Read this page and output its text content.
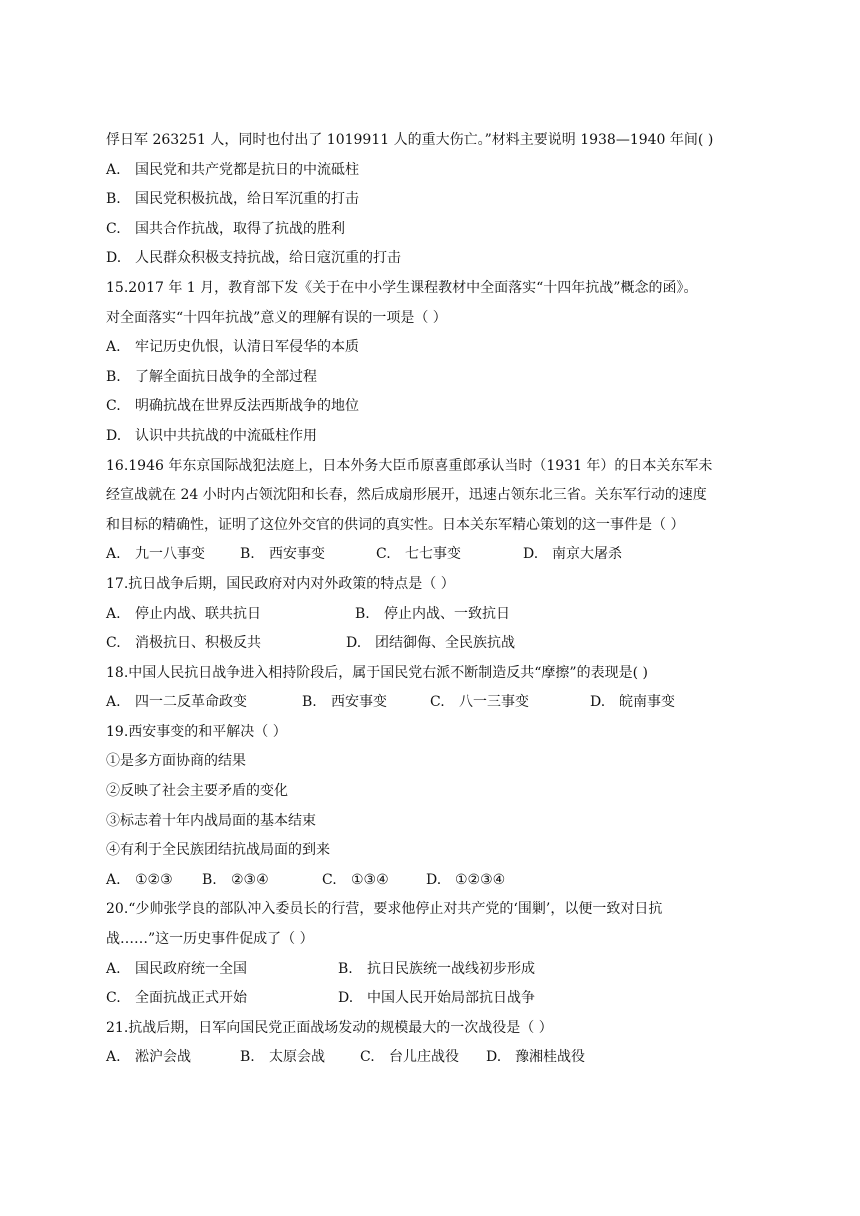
俘日军 263251 人，同时也付出了 1019911 人的重大伤亡。”材料主要说明 1938—1940 年间( )
A. 国民党和共产党都是抗日的中流砥柱
B. 国民党积极抗战，给日军沉重的打击
C. 国共合作抗战，取得了抗战的胜利
D. 人民群众积极支持抗战，给日寇沉重的打击
15.2017 年 1 月，教育部下发《关于在中小学生课程教材中全面落实“十四年抗战”概念的函》。
对全面落实“十四年抗战”意义的理解有误的一项是（ ）
A. 牢记历史仇恨，认清日军侵华的本质
B. 了解全面抗日战争的全部过程
C. 明确抗战在世界反法西斯战争的地位
D. 认识中共抗战的中流砥柱作用
16.1946 年东京国际战犯法庭上，日本外务大臣币原喜重郎承认当时（1931 年）的日本关东军未
经宣战就在 24 小时内占领沈阳和长春，然后成扇形展开，迅速占领东北三省。关东军行动的速度
和目标的精确性，证明了这位外交官的供词的真实性。日本关东军精心策划的这一事件是（ ）
A. 九一八事变	B. 西安事变	C. 七七事变	D. 南京大屠杀
17.抗日战争后期，国民政府对内对外政策的特点是（ ）
A. 停止内战、联共抗日	B. 停止内战、一致抗日
C. 消极抗日、积极反共	D. 团结御侮、全民族抗战
18.中国人民抗日战争进入相持阶段后，属于国民党右派不断制造反共“摩擦”的表现是( )
A. 四一二反革命政变	B. 西安事变	C. 八一三事变	D. 皖南事变
19.西安事变的和平解决（ ）
①是多方面协商的结果
②反映了社会主要矛盾的变化
③标志着十年内战局面的基本结束
④有利于全民族团结抗战局面的到来
A. ①②③ B. ②③④	C. ①③④	D. ①②③④
20.“少帅张学良的部队冲入委员长的行营，要求他停止对共产党的‘围剿’，以便一致对日抗
战……”这一历史事件促成了（ ）
A. 国民政府统一全国	B. 抗日民族统一战线初步形成
C. 全面抗战正式开始	D. 中国人民开始局部抗日战争
21.抗战后期，日军向国民党正面战场发动的规模最大的一次战役是（ ）
A. 淞沪会战	B. 太原会战	C. 台儿庄战役 D. 豫湘桂战役
